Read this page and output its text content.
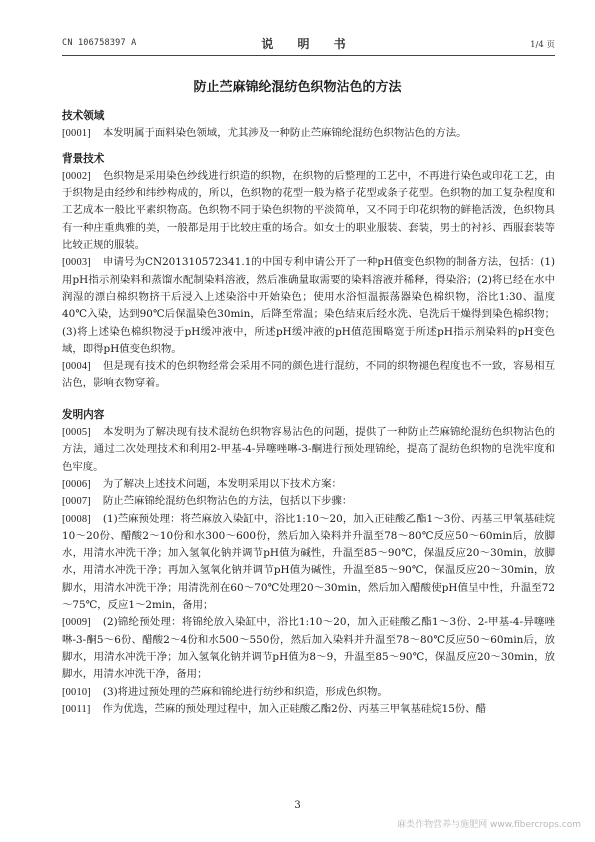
CN 106758397 A	说 明 书	1/4 页
防止苎麻锦纶混纺色织物沾色的方法

技术领域

[0001] 本发明属于面料染色领域，尤其涉及一种防止苎麻锦纶混纺色织物沾色的方法。

背景技术

[0002] 色织物是采用染色纱线进行织造的织物，在织物的后整理的工艺中，不再进行染色或印花工艺，由于织物是由经纱和纬纱构成的，所以，色织物的花型一般为格子花型或条子花型。色织物的加工复杂程度和工艺成本一般比平素织物高。色织物不同于染色织物的平淡简单，又不同于印花织物的鲜艳活泼，色织物具有一种庄重典雅的美，一般都是用于比较庄重的场合。如女士的职业服装、套装，男士的衬衫、西服套装等比较正规的服装。

[0003] 申请号为CN201310572341.1的中国专利申请公开了一种pH值变色织物的制备方法，包括：(1)用pH指示剂染料和蒸馏水配制染料溶液，然后准确量取需要的染料溶液并稀释，得染浴；(2)将已经在水中润湿的漂白棉织物挤干后浸入上述染浴中开始染色；使用水浴恒温振荡器染色棉织物，浴比1:30、温度40℃入染，达到90℃后保温染色30min，后降至常温；染色结束后经水洗、皂洗后干燥得到染色棉织物；(3)将上述染色棉织物浸于pH缓冲液中，所述pH缓冲液的pH值范围略宽于所述pH指示剂染料的pH变色域，即得pH值变色织物。

[0004] 但是现有技术的色织物经常会采用不同的颜色进行混纺，不同的织物褪色程度也不一致，容易相互沾色，影响衣物穿着。

发明内容

[0005] 本发明为了解决现有技术混纺色织物容易沾色的问题，提供了一种防止苎麻锦纶混纺色织物沾色的方法，通过二次处理技术和利用2-甲基-4-异噻唑啉-3-酮进行预处理锦纶，提高了混纺色织物的皂洗牢度和色牢度。

[0006] 为了解决上述技术问题，本发明采用以下技术方案：

[0007] 防止苎麻锦纶混纺色织物沾色的方法，包括以下步骤：

[0008] (1)苎麻预处理：将苎麻放入染缸中，浴比1:10～20，加入正硅酸乙酯1～3份、丙基三甲氧基硅烷10～20份、醋酸2～10份和水300～600份，然后加入染料并升温至78～80℃反应50～60min后，放脚水，用清水冲洗干净；加入氢氧化钠并调节pH值为碱性，升温至85～90℃，保温反应20～30min，放脚水，用清水冲洗干净；再加入氢氧化钠并调节pH值为碱性，升温至85～90℃，保温反应20～30min，放脚水，用清水冲洗干净；用清洗剂在60～70℃处理20～30min，然后加入醋酸使pH值呈中性，升温至72～75℃，反应1～2min，备用；

[0009] (2)锦纶预处理：将锦纶放入染缸中，浴比1:10～20，加入正硅酸乙酯1～3份、2-甲基-4-异噻唑啉-3-酮5～6份、醋酸2～4份和水500～550份，然后加入染料并升温至78～80℃反应50～60min后，放脚水，用清水冲洗干净；加入氢氧化钠并调节pH值为8～9，升温至85～90℃，保温反应20～30min，放脚水，用清水冲洗干净，备用；

[0010] (3)将进过预处理的苎麻和锦纶进行纺纱和织造，形成色织物。

[0011] 作为优选，苎麻的预处理过程中，加入正硅酸乙酯2份、丙基三甲氧基硅烷15份、醋

3
麻类作物营养与施肥网 www.fibercrops.com
